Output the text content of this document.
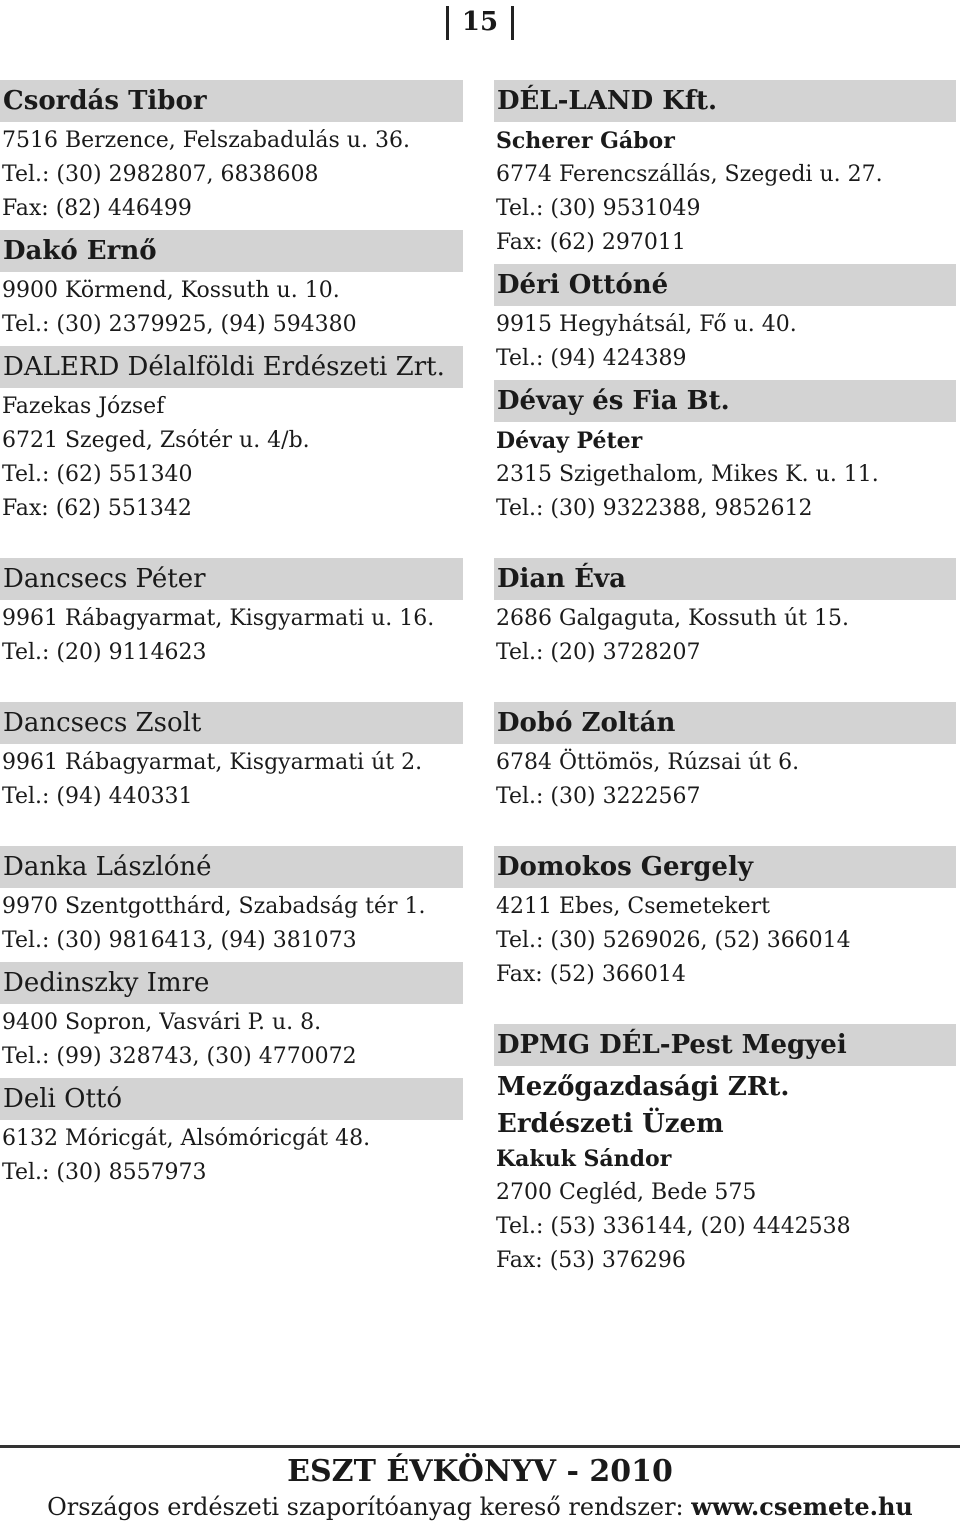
15
Csordás Tibor
7516 Berzence, Felszabadulás u. 36.
Tel.: (30) 2982807, 6838608
Fax: (82) 446499
Dakó Ernő
9900 Körmend, Kossuth u. 10.
Tel.: (30) 2379925, (94) 594380
DALERD Délalföldi Erdészeti Zrt.
Fazekas József
6721 Szeged, Zsótér u. 4/b.
Tel.: (62) 551340
Fax: (62) 551342
Dancsecs Péter
9961 Rábagyarmat, Kisgyarmati u. 16.
Tel.: (20) 9114623
Dancsecs Zsolt
9961 Rábagyarmat, Kisgyarmati út 2.
Tel.: (94) 440331
Danka Lászlóné
9970 Szentgotthárd, Szabadság tér 1.
Tel.: (30) 9816413, (94) 381073
Dedinszky Imre
9400 Sopron, Vasvári P. u. 8.
Tel.: (99) 328743, (30) 4770072
Deli Ottó
6132 Móricgát, Alsómóricgát 48.
Tel.: (30) 8557973
DÉL-LAND Kft.
Scherer Gábor
6774 Ferencszállás, Szegedi u. 27.
Tel.: (30) 9531049
Fax: (62) 297011
Déri Ottóné
9915 Hegyhátsál, Fő u. 40.
Tel.: (94) 424389
Dévay és Fia Bt.
Dévay Péter
2315 Szigethalom, Mikes K. u. 11.
Tel.: (30) 9322388, 9852612
Dian Éva
2686 Galgaguta, Kossuth út 15.
Tel.: (20) 3728207
Dobó Zoltán
6784 Öttömös, Rúzsai út 6.
Tel.: (30) 3222567
Domokos Gergely
4211 Ebes, Csemetekert
Tel.: (30) 5269026, (52) 366014
Fax: (52) 366014
DPMG DÉL-Pest Megyei
Mezőgazdasági ZRt.
Erdészeti Üzem
Kakuk Sándor
2700 Cegléd, Bede 575
Tel.: (53) 336144, (20) 4442538
Fax: (53) 376296
ESZT ÉVKÖNYV - 2010
Országos erdészeti szaporítóanyag kereső rendszer: www.csemete.hu
